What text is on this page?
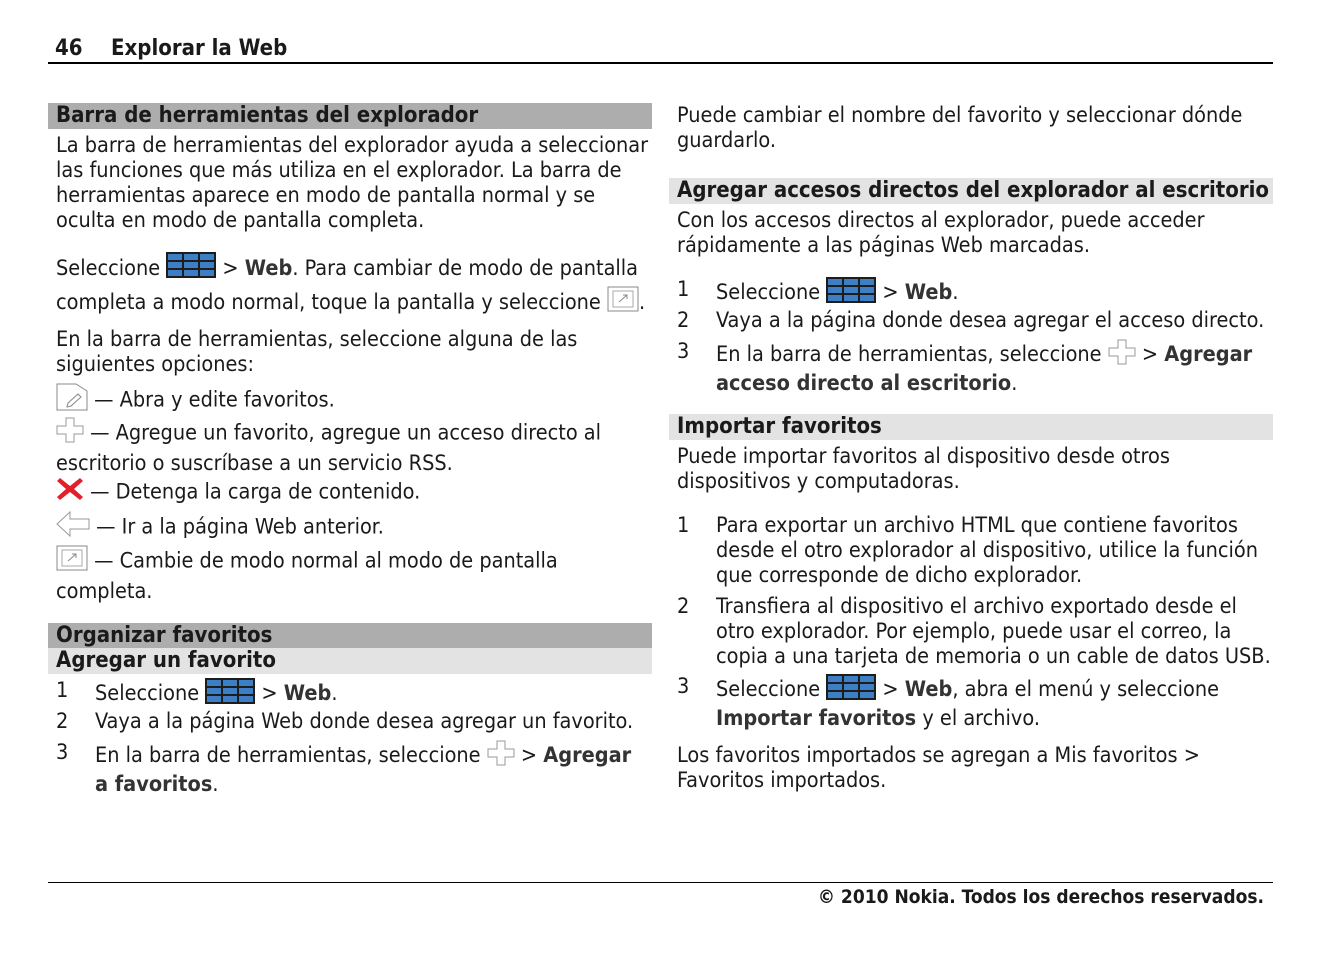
46 Explorar la Web
Barra de herramientas del explorador
La barra de herramientas del explorador ayuda a seleccionar las funciones que más utiliza en el explorador. La barra de herramientas aparece en modo de pantalla normal y se oculta en modo de pantalla completa.
Seleccione	> Web. Para cambiar de modo de pantalla completa a modo normal, toque la pantalla y seleccione .
En la barra de herramientas, seleccione alguna de las siguientes opciones:
— Abra y edite favoritos.
— Agregue un favorito, agregue un acceso directo al escritorio o suscríbase a un servicio RSS.
— Detenga la carga de contenido.
— Ir a la página Web anterior.
— Cambie de modo normal al modo de pantalla completa.
Organizar favoritos
Agregar un favorito
1	Seleccione	> Web.
2	Vaya a la página Web donde desea agregar un favorito.
3	En la barra de herramientas, seleccione  > Agregar a favoritos.
Puede cambiar el nombre del favorito y seleccionar dónde guardarlo.
Agregar accesos directos del explorador al escritorio
Con los accesos directos al explorador, puede acceder rápidamente a las páginas Web marcadas.
1	Seleccione	> Web.
2	Vaya a la página donde desea agregar el acceso directo.
3	En la barra de herramientas, seleccione  > Agregar acceso directo al escritorio.
Importar favoritos
Puede importar favoritos al dispositivo desde otros dispositivos y computadoras.
1	Para exportar un archivo HTML que contiene favoritos desde el otro explorador al dispositivo, utilice la función que corresponde de dicho explorador.
2	Transfiera al dispositivo el archivo exportado desde el otro explorador. Por ejemplo, puede usar el correo, la copia a una tarjeta de memoria o un cable de datos USB.
3	Seleccione	> Web, abra el menú y seleccione Importar favoritos y el archivo.
Los favoritos importados se agregan a Mis favoritos > Favoritos importados.
© 2010 Nokia. Todos los derechos reservados.
